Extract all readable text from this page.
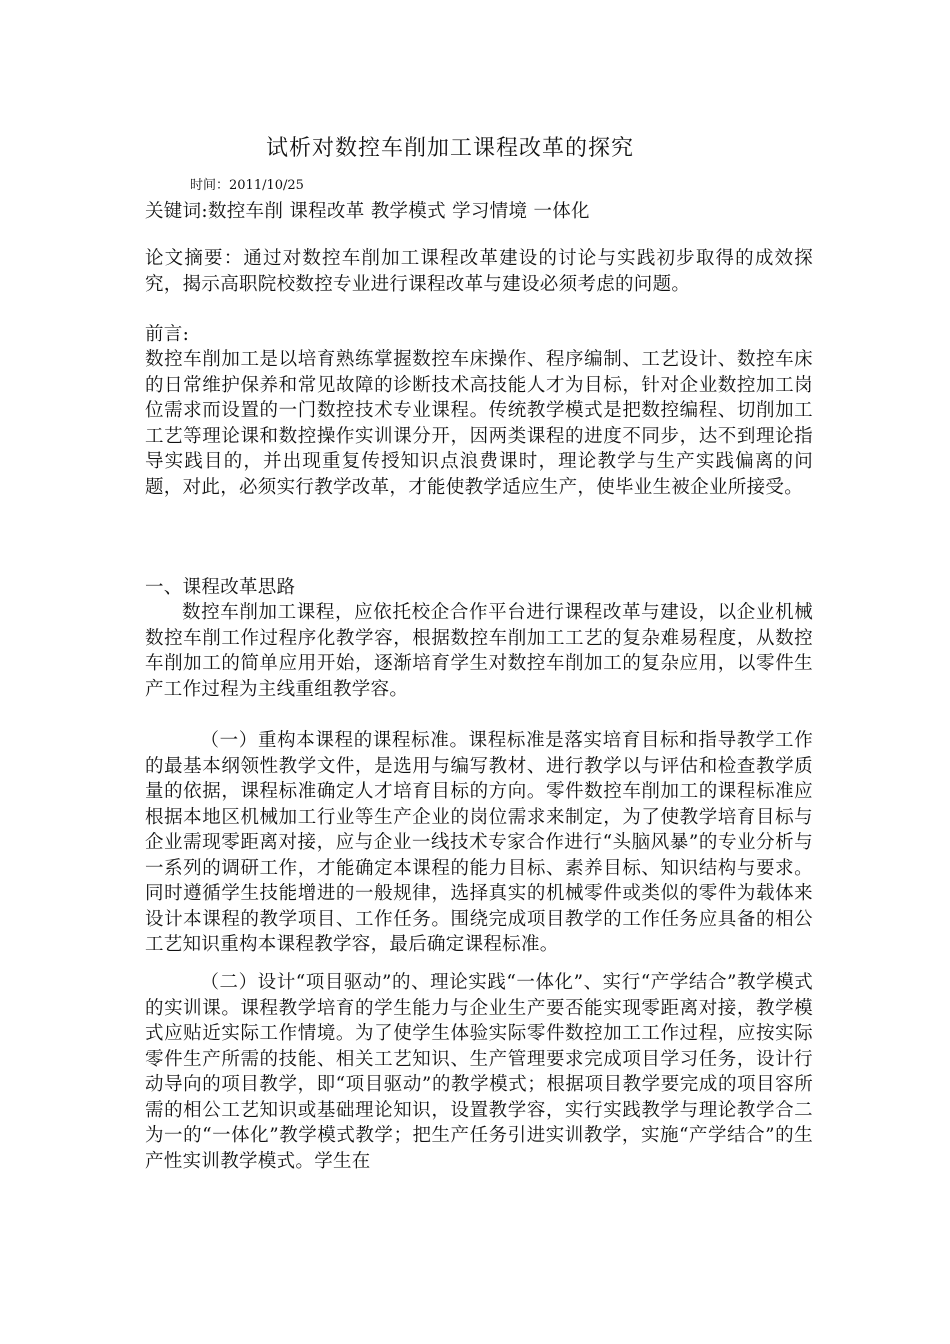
试析对数控车削加工课程改革的探究
时间：2011/10/25
关键词:数控车削 课程改革 教学模式 学习情境 一体化

论文摘要：通过对数控车削加工课程改革建设的讨论与实践初步取得的成效探究，揭示高职院校数控专业进行课程改革与建设必须考虑的问题。

前言:

数控车削加工是以培育熟练掌握数控车床操作、程序编制、工艺设计、数控车床的日常维护保养和常见故障的诊断技术高技能人才为目标，针对企业数控加工岗位需求而设置的一门数控技术专业课程。传统教学模式是把数控编程、切削加工工艺等理论课和数控操作实训课分开，因两类课程的进度不同步，达不到理论指导实践目的，并出现重复传授知识点浪费课时，理论教学与生产实践偏离的问题，对此，必须实行教学改革，才能使教学适应生产，使毕业生被企业所接受。

一、课程改革思路

数控车削加工课程，应依托校企合作平台进行课程改革与建设，以企业机械数控车削工作过程序化教学容，根据数控车削加工工艺的复杂难易程度，从数控车削加工的简单应用开始，逐渐培育学生对数控车削加工的复杂应用，以零件生产工作过程为主线重组教学容。

（一）重构本课程的课程标准。课程标准是落实培育目标和指导教学工作的最基本纲领性教学文件，是选用与编写教材、进行教学以与评估和检查教学质量的依据，课程标准确定人才培育目标的方向。零件数控车削加工的课程标准应根据本地区机械加工行业等生产企业的岗位需求来制定，为了使教学培育目标与企业需现零距离对接，应与企业一线技术专家合作进行“头脑风暴”的专业分析与一系列的调研工作，才能确定本课程的能力目标、素养目标、知识结构与要求。同时遵循学生技能增进的一般规律，选择真实的机械零件或类似的零件为载体来设计本课程的教学项目、工作任务。围绕完成项目教学的工作任务应具备的相公工艺知识重构本课程教学容，最后确定课程标准。

（二）设计“项目驱动”的、理论实践“一体化”、实行“产学结合”教学模式的实训课。课程教学培育的学生能力与企业生产要否能实现零距离对接，教学模式应贴近实际工作情境。为了使学生体验实际零件数控加工工作过程，应按实际零件生产所需的技能、相关工艺知识、生产管理要求完成项目学习任务，设计行动导向的项目教学，即“项目驱动”的教学模式；根据项目教学要完成的项目容所需的相公工艺知识或基础理论知识，设置教学容，实行实践教学与理论教学合二为一的“一体化”教学模式教学；把生产任务引进实训教学，实施“产学结合”的生产性实训教学模式。学生在
